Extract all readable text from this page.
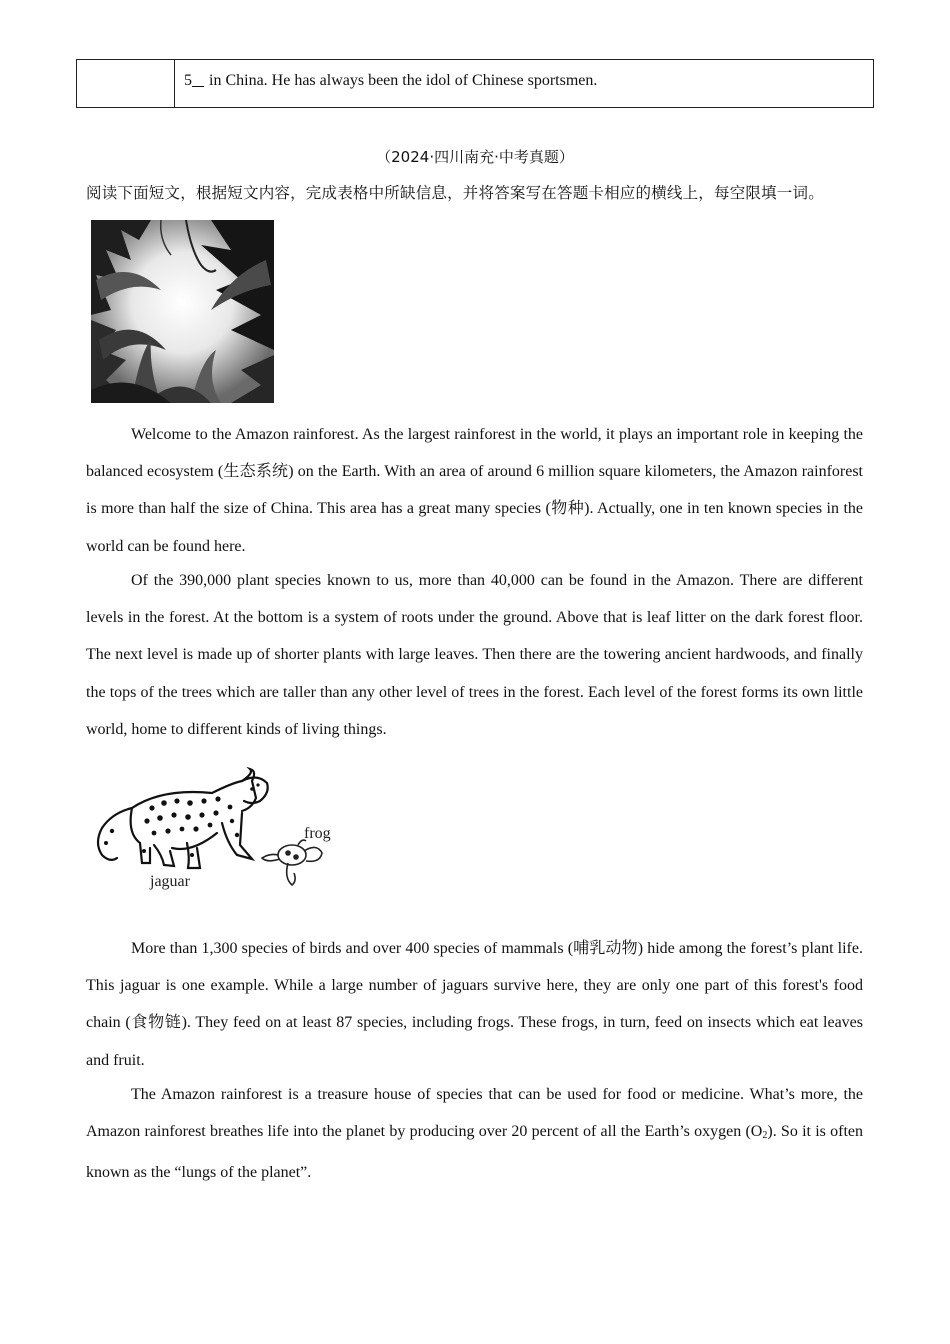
5 in China. He has always been the idol of Chinese sportsmen.
（2024·四川南充·中考真题）
阅读下面短文，根据短文内容，完成表格中所缺信息，并将答案写在答题卡相应的横线上，每空限填一词。

Welcome to the Amazon rainforest. As the largest rainforest in the world, it plays an important role in keeping the balanced ecosystem (生态系统) on the Earth. With an area of around 6 million square kilometers, the Amazon rainforest is more than half the size of China. This area has a great many species (物种). Actually, one in ten known species in the world can be found here.

Of the 390,000 plant species known to us, more than 40,000 can be found in the Amazon. There are different levels in the forest. At the bottom is a system of roots under the ground. Above that is leaf litter on the dark forest floor. The next level is made up of shorter plants with large leaves. Then there are the towering ancient hardwoods, and finally the tops of the trees which are taller than any other level of trees in the forest. Each level of the forest forms its own little world, home to different kinds of living things.

jaguar
frog

More than 1,300 species of birds and over 400 species of mammals (哺乳动物) hide among the forest’s plant life. This jaguar is one example. While a large number of jaguars survive here, they are only one part of this forest's food chain (食物链). They feed on at least 87 species, including frogs. These frogs, in turn, feed on insects which eat leaves and fruit.

The Amazon rainforest is a treasure house of species that can be used for food or medicine. What’s more, the Amazon rainforest breathes life into the planet by producing over 20 percent of all the Earth’s oxygen (O2). So it is often known as the “lungs of the planet”.
